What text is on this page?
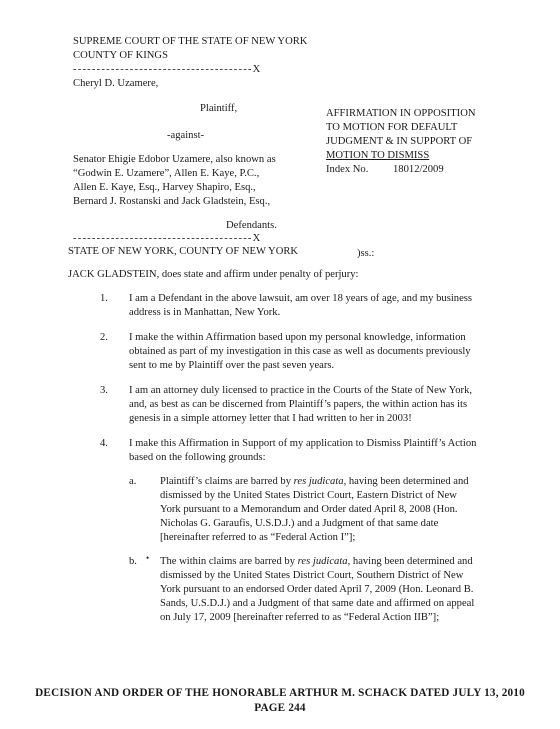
SUPREME COURT OF THE STATE OF NEW YORK
COUNTY OF KINGS
--------------------------------------X
Cheryl D. Uzamere,
Plaintiff,
-against-
Senator Ehigie Edobor Uzamere, also known as
“Godwin E. Uzamere”, Allen E. Kaye, P.C.,
Allen E. Kaye, Esq., Harvey Shapiro, Esq.,
Bernard J. Rostanski and Jack Gladstein, Esq.,
Defendants.
--------------------------------------X
STATE OF NEW YORK, COUNTY OF NEW YORK	)ss.:
AFFIRMATION IN OPPOSITION
TO MOTION FOR DEFAULT
JUDGMENT & IN SUPPORT OF
MOTION TO DISMISS
Index No. 18012/2009
JACK GLADSTEIN, does state and affirm under penalty of perjury:
1. I am a Defendant in the above lawsuit, am over 18 years of age, and my business
address is in Manhattan, New York.
2. I make the within Affirmation based upon my personal knowledge, information
obtained as part of my investigation in this case as well as documents previously
sent to me by Plaintiff over the past seven years.
3. I am an attorney duly licensed to practice in the Courts of the State of New York,
and, as best as can be discerned from Plaintiff’s papers, the within action has its
genesis in a simple attorney letter that I had written to her in 2003!
4. I make this Affirmation in Support of my application to Dismiss Plaintiff’s Action
based on the following grounds:
a. Plaintiff’s claims are barred by res judicata, having been determined and
dismissed by the United States District Court, Eastern District of New
York pursuant to a Memorandum and Order dated April 8, 2008 (Hon.
Nicholas G. Garaufis, U.S.D.J.) and a Judgment of that same date
[hereinafter referred to as “Federal Action I”];
b. • The within claims are barred by res judicata, having been determined and
dismissed by the United States District Court, Southern District of New
York pursuant to an endorsed Order dated April 7, 2009 (Hon. Leonard B.
Sands, U.S.D.J.) and a Judgment of that same date and affirmed on appeal
on July 17, 2009 [hereinafter referred to as “Federal Action IIB”];
DECISION AND ORDER OF THE HONORABLE ARTHUR M. SCHACK DATED JULY 13, 2010
PAGE 244
